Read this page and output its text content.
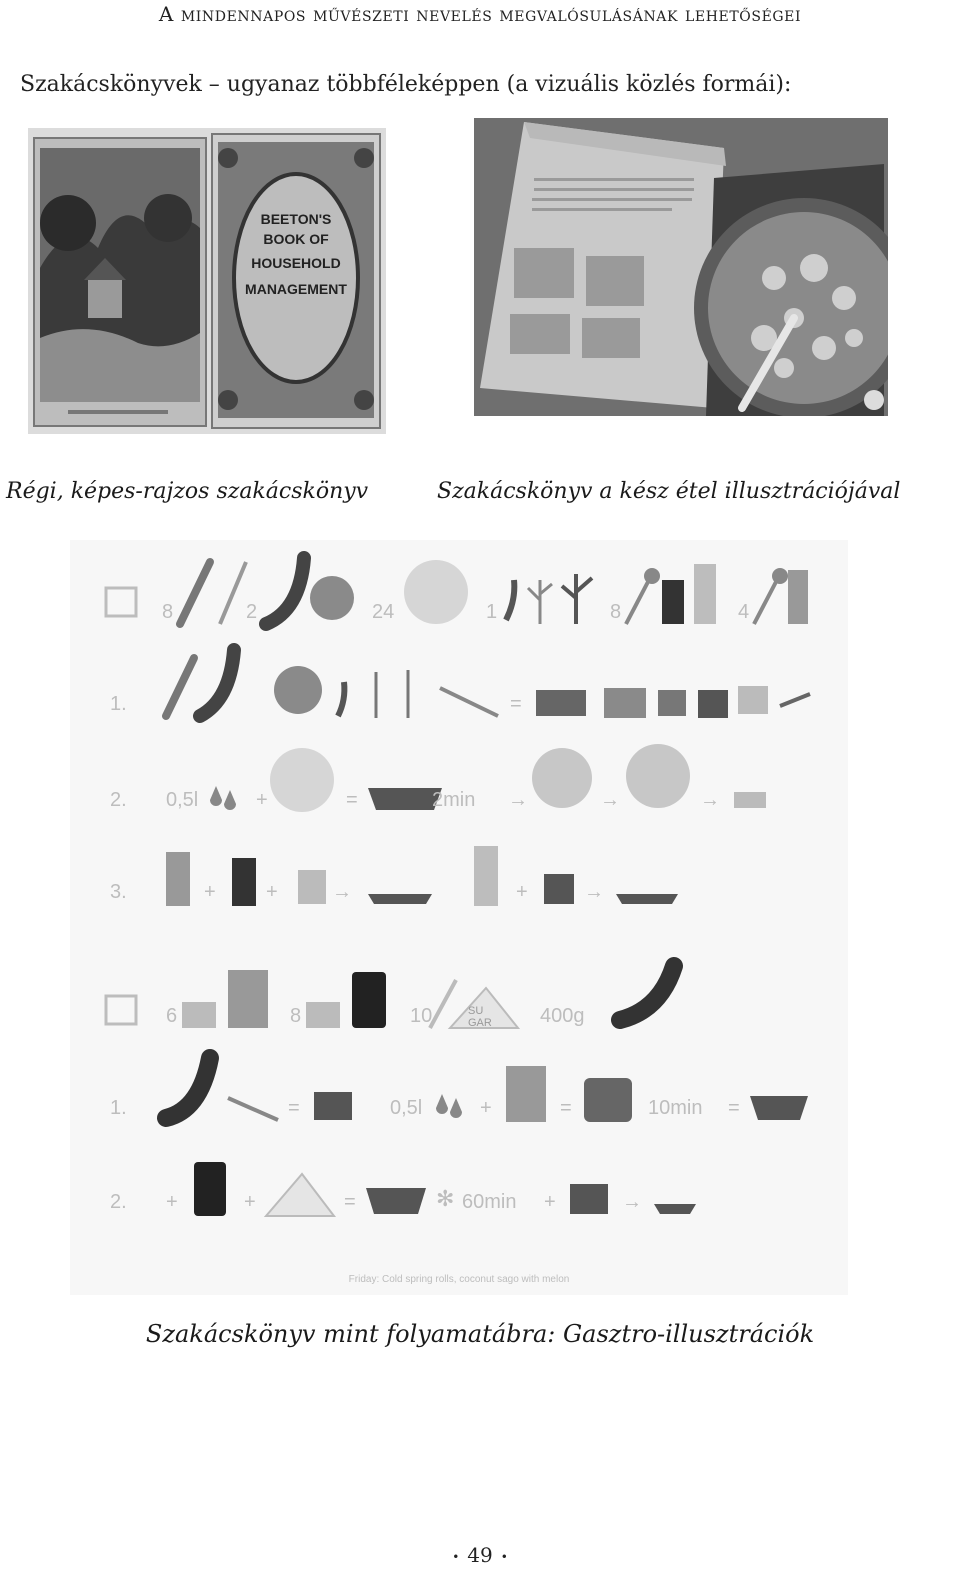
A mindennapos művészeti nevelés megvalósulásának lehetőségei
Szakácskönyvek – ugyanaz többféleképpen (a vizuális közlés formái):
BEETON'S
BOOK OF
HOUSEHOLD
MANAGEMENT
Régi, képes-rajzos szakácskönyv	Szakácskönyv a kész étel illusztrációjával
8	2	24	1	8	4
1.	=
2. 0,5l	+	=	2min →	→	→
3.	+	+	→	+	→
6	8	10	SU
GAR 400g
1.	=	0,5l	+	=	10min =
2. +	+	=	✻ 60min +	→
Friday: Cold spring rolls, coconut sago with melon
Szakácskönyv mint folyamatábra: Gasztro-illusztrációk
• 49 •
